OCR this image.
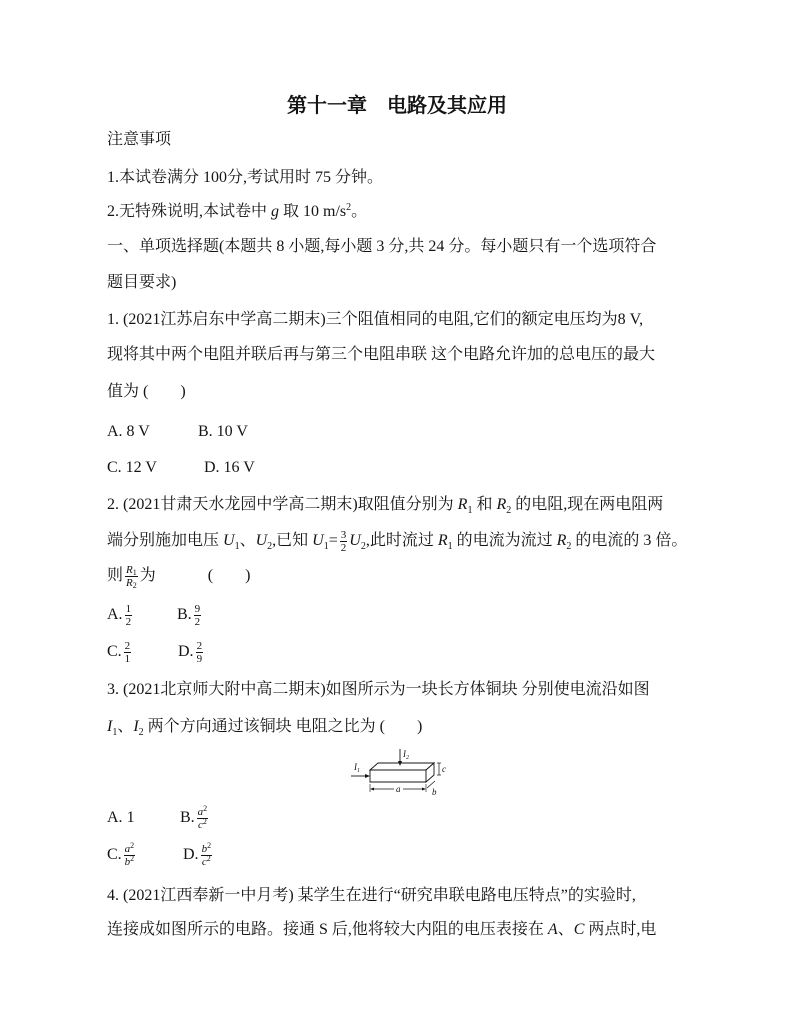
第十一章　电路及其应用
注意事项
1.本试卷满分 100分,考试用时 75 分钟。
2.无特殊说明,本试卷中 g 取 10 m/s 2 。
一、单项选择题(本题共 8 小题,每小题 3 分,共 24 分。每小题只有一个选项符合
题目要求)
1. (2021江苏启东中学高二期末)三个阻值相同的电阻,它们的额定电压均为8 V,
现将其中两个电阻并联后再与第三个电阻串联 这个电路允许加的总电压的最大
值为 (　　)
A. 8 V	B. 10 V
C. 12 V	D. 16 V
2. (2021甘肃天水龙园中学高二期末)取阻值分别为 R 1 和 R 2 的电阻,现在两电阻两
端分别施加电压 U 1 、 U 2 ,已知 U $1 = \frac{3}{2}$ U 2 ,此时流过 R 1 的电流为流过 R 2 的电流的 3 倍。
则 $\frac{R 1}{R 2}$ 为	(　　)
A. $\frac{1}{2}$	B. $\frac{9}{2}$
C. $\frac{2}{1}$	D. $\frac{2}{9}$
3. (2021北京师大附中高二期末)如图所示为一块长方体铜块 分别使电流沿如图
I 1 、 I 2 两个方向通过该铜块 电阻之比为 (　　)
$I_1$
$I_2$
c
a	b
A. 1	B. $\frac{a 2}{c 2}$
C. $\frac{a 2}{b 2}$	D. $\frac{b 2}{c 2}$
4. (2021江西奉新一中月考) 某学生在进行“研究串联电路电压特点”的实验时,
连接成如图所示的电路。接通 S 后,他将较大内阻的电压表接在 A 、 C 两点时,电
